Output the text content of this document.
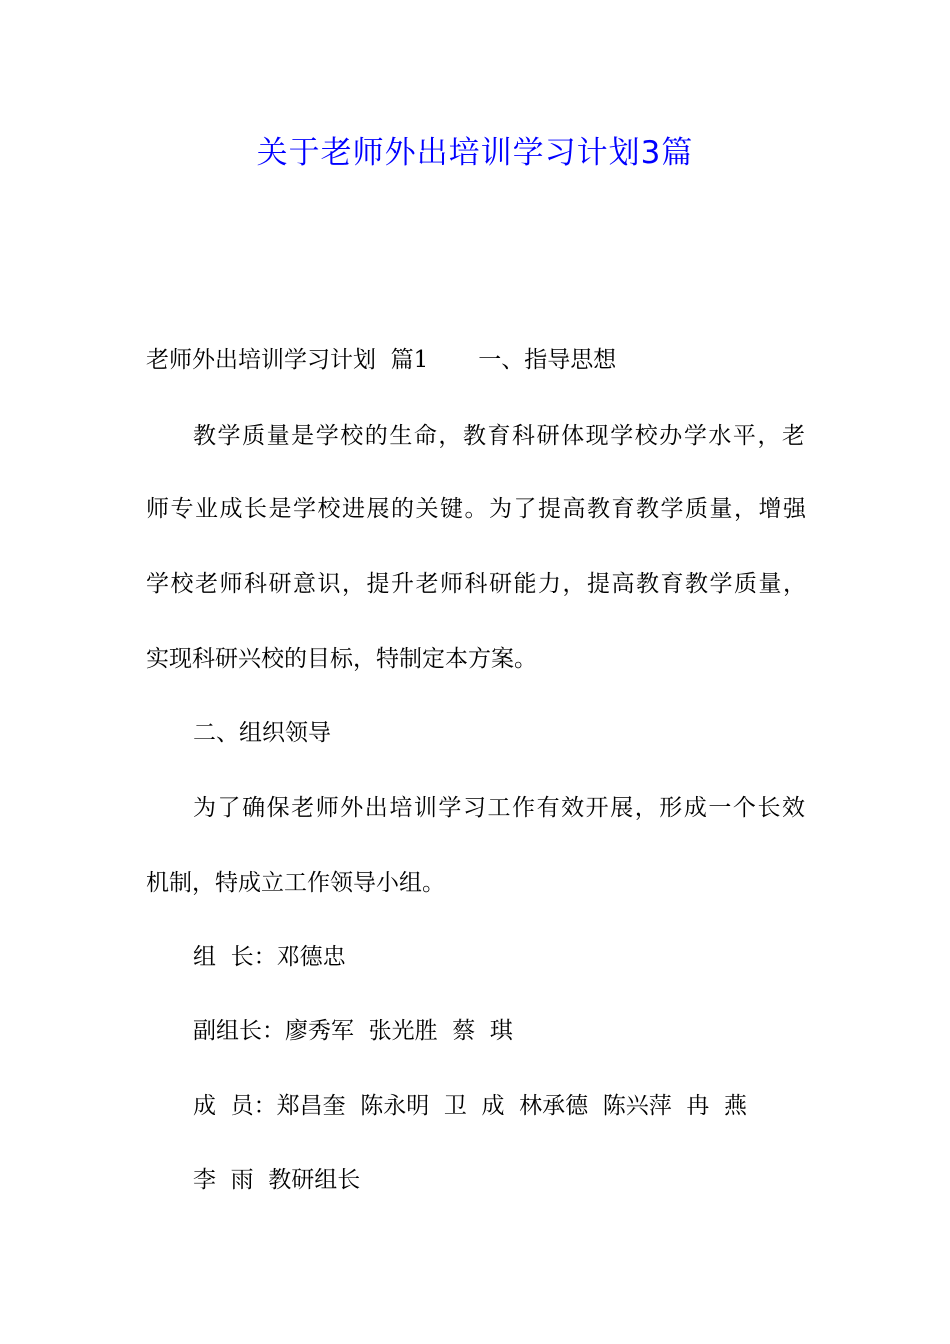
关于老师外出培训学习计划3篇

老师外出培训学习计划  篇1 一、指导思想

教学质量是学校的生命，教育科研体现学校办学水平，老

师专业成长是学校进展的关键。为了提高教育教学质量，增强

学校老师科研意识，提升老师科研能力，提高教育教学质量，

实现科研兴校的目标，特制定本方案。

二、组织领导

为了确保老师外出培训学习工作有效开展，形成一个长效

机制，特成立工作领导小组。

组  长：邓德忠

副组长：廖秀军  张光胜  蔡  琪

成  员：郑昌奎  陈永明  卫  成  林承德  陈兴萍  冉  燕

李  雨  教研组长
